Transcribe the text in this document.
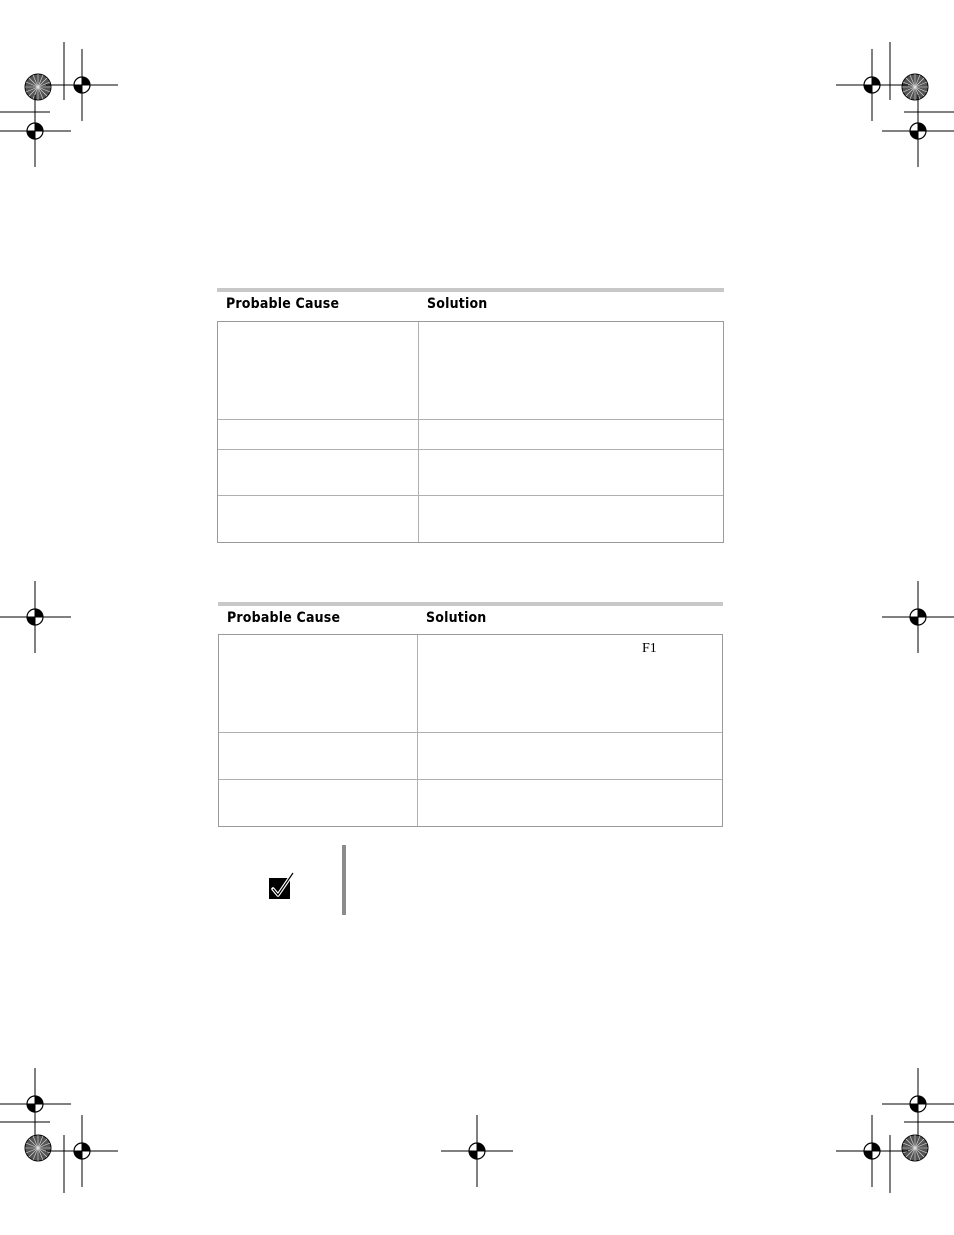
Probable Cause	Solution
Probable Cause	Solution
F1
